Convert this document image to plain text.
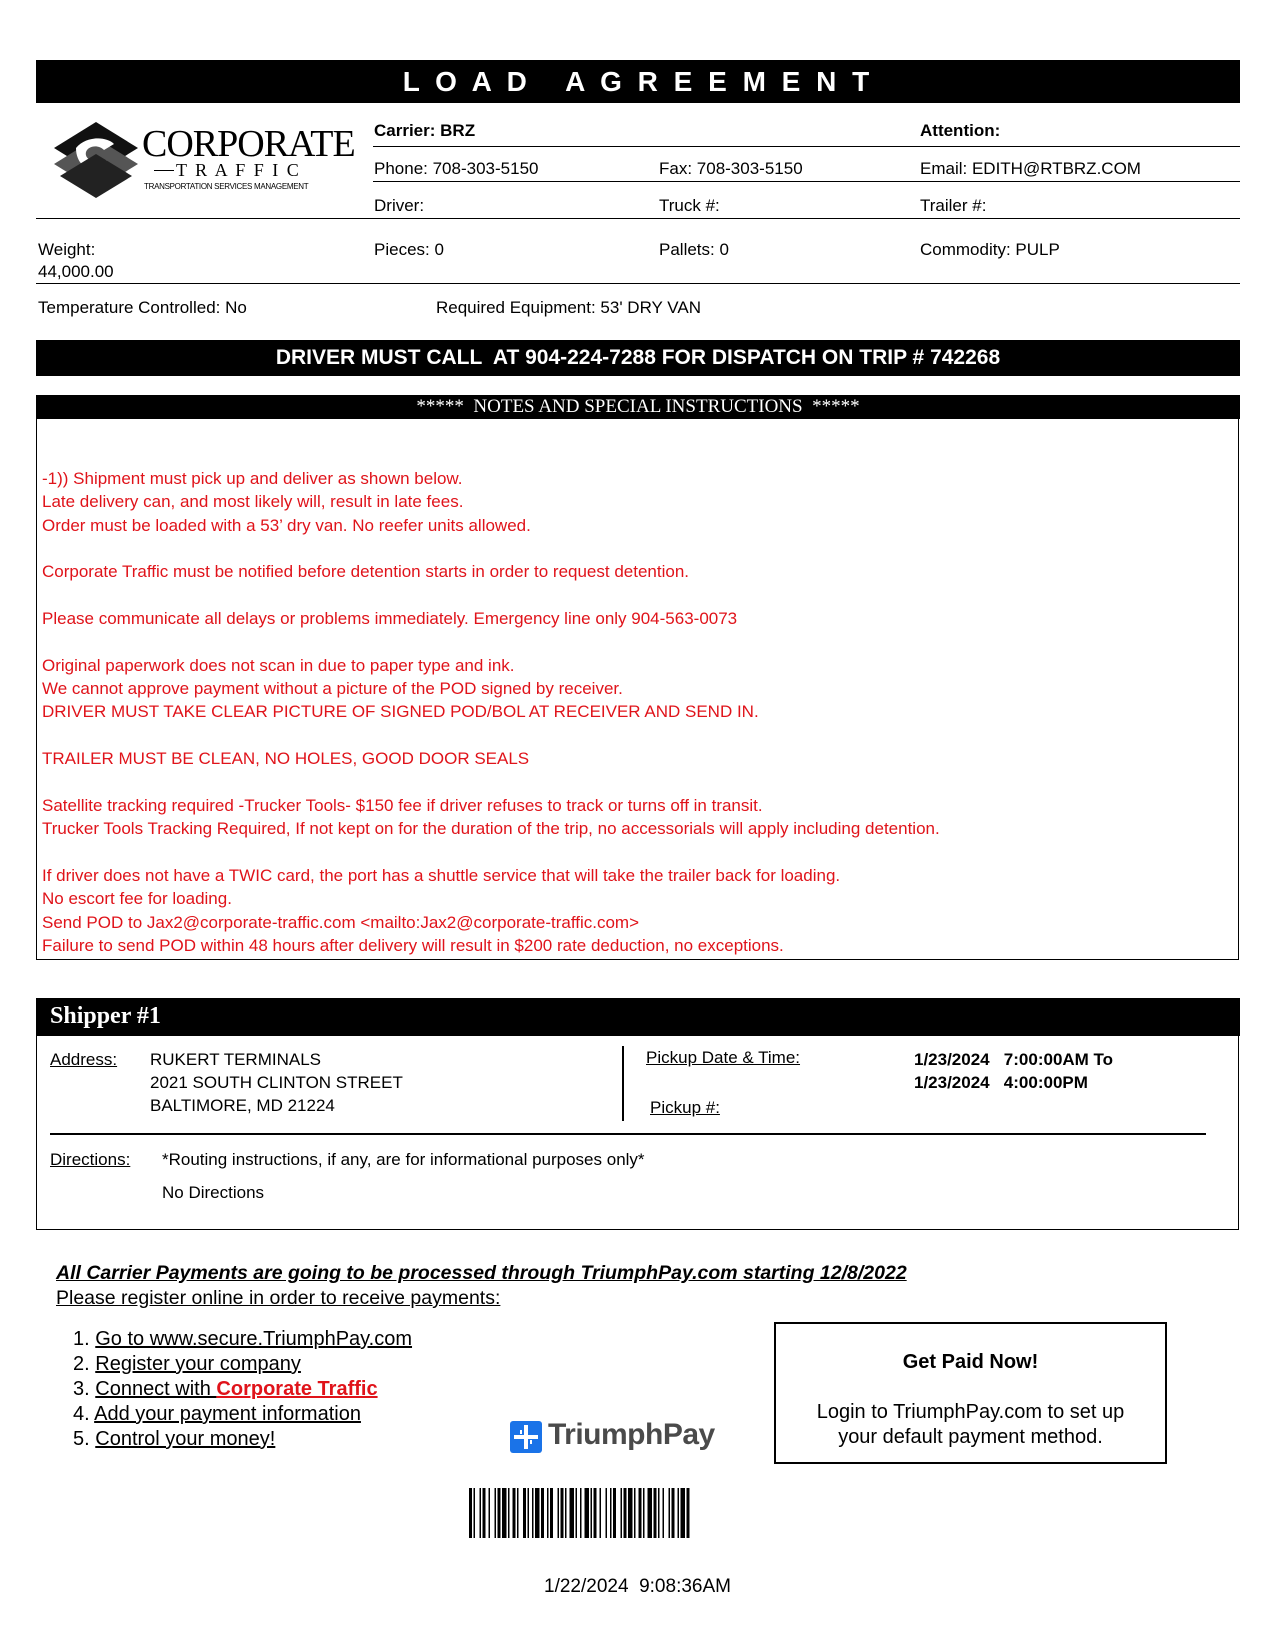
L O A D   A G R E E M E N T
CORPORATE
T R A F F I C
TRANSPORTATION SERVICES MANAGEMENT
Carrier: BRZ	Attention:
Phone: 708-303-5150	Fax: 708-303-5150	Email: EDITH@RTBRZ.COM
Driver:	Truck #:	Trailer #:
Weight:
44,000.00
Pieces: 0	Pallets: 0	Commodity: PULP
Temperature Controlled: No	Required Equipment: 53' DRY VAN
DRIVER MUST CALL  AT 904-224-7288 FOR DISPATCH ON TRIP # 742268
*****  NOTES AND SPECIAL INSTRUCTIONS  *****
-1)) Shipment must pick up and deliver as shown below.
Late delivery can, and most likely will, result in late fees.
Order must be loaded with a 53’ dry van. No reefer units allowed.
Corporate Traffic must be notified before detention starts in order to request detention.
Please communicate all delays or problems immediately. Emergency line only 904-563-0073
Original paperwork does not scan in due to paper type and ink.
We cannot approve payment without a picture of the POD signed by receiver.
DRIVER MUST TAKE CLEAR PICTURE OF SIGNED POD/BOL AT RECEIVER AND SEND IN.
TRAILER MUST BE CLEAN, NO HOLES, GOOD DOOR SEALS
Satellite tracking required -Trucker Tools- $150 fee if driver refuses to track or turns off in transit.
Trucker Tools Tracking Required, If not kept on for the duration of the trip, no accessorials will apply including detention.
If driver does not have a TWIC card, the port has a shuttle service that will take the trailer back for loading.
No escort fee for loading.
Send POD to Jax2@corporate-traffic.com <mailto:Jax2@corporate-traffic.com>
Failure to send POD within 48 hours after delivery will result in $200 rate deduction, no exceptions.
Shipper #1
Address: RUKERT TERMINALS
2021 SOUTH CLINTON STREET
BALTIMORE, MD 21224
Pickup Date & Time:	1/23/2024   7:00:00AM To
1/23/2024   4:00:00PM
Pickup #:
Directions: *Routing instructions, if any, are for informational purposes only*
No Directions
All Carrier Payments are going to be processed through TriumphPay.com starting 12/8/2022
Please register online in order to receive payments:
1. Go to www.secure.TriumphPay.com
2. Register your company
3. Connect with Corporate Traffic
4. Add your payment information
5. Control your money!	TriumphPay
Get Paid Now!
Login to TriumphPay.com to set up
your default payment method.
1/22/2024  9:08:36AM
